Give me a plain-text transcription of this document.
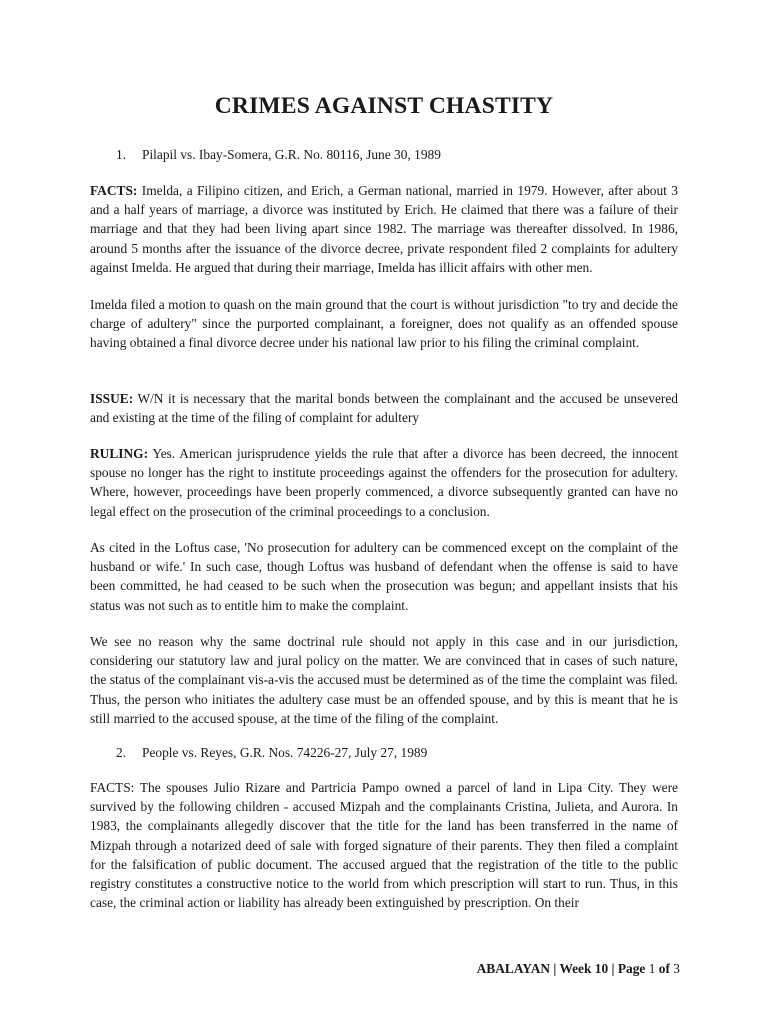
CRIMES AGAINST CHASTITY
1. Pilapil vs. Ibay-Somera, G.R. No. 80116, June 30, 1989

FACTS: Imelda, a Filipino citizen, and Erich, a German national, married in 1979. However, after about 3 and a half years of marriage, a divorce was instituted by Erich. He claimed that there was a failure of their marriage and that they had been living apart since 1982. The marriage was thereafter dissolved. In 1986, around 5 months after the issuance of the divorce decree, private respondent filed 2 complaints for adultery against Imelda. He argued that during their marriage, Imelda has illicit affairs with other men.

Imelda filed a motion to quash on the main ground that the court is without jurisdiction "to try and decide the charge of adultery" since the purported complainant, a foreigner, does not qualify as an offended spouse having obtained a final divorce decree under his national law prior to his filing the criminal complaint.

ISSUE: W/N it is necessary that the marital bonds between the complainant and the accused be unsevered and existing at the time of the filing of complaint for adultery

RULING: Yes. American jurisprudence yields the rule that after a divorce has been decreed, the innocent spouse no longer has the right to institute proceedings against the offenders for the prosecution for adultery. Where, however, proceedings have been properly commenced, a divorce subsequently granted can have no legal effect on the prosecution of the criminal proceedings to a conclusion.

As cited in the Loftus case, 'No prosecution for adultery can be commenced except on the complaint of the husband or wife.' In such case, though Loftus was husband of defendant when the offense is said to have been committed, he had ceased to be such when the prosecution was begun; and appellant insists that his status was not such as to entitle him to make the complaint.

We see no reason why the same doctrinal rule should not apply in this case and in our jurisdiction, considering our statutory law and jural policy on the matter. We are convinced that in cases of such nature, the status of the complainant vis-a-vis the accused must be determined as of the time the complaint was filed. Thus, the person who initiates the adultery case must be an offended spouse, and by this is meant that he is still married to the accused spouse, at the time of the filing of the complaint.

2. People vs. Reyes, G.R. Nos. 74226-27, July 27, 1989

FACTS: The spouses Julio Rizare and Partricia Pampo owned a parcel of land in Lipa City. They were survived by the following children - accused Mizpah and the complainants Cristina, Julieta, and Aurora. In 1983, the complainants allegedly discover that the title for the land has been transferred in the name of Mizpah through a notarized deed of sale with forged signature of their parents. They then filed a complaint for the falsification of public document. The accused argued that the registration of the title to the public registry constitutes a constructive notice to the world from which prescription will start to run. Thus, in this case, the criminal action or liability has already been extinguished by prescription. On their

ABALAYAN | Week 10 | Page 1 of 3
